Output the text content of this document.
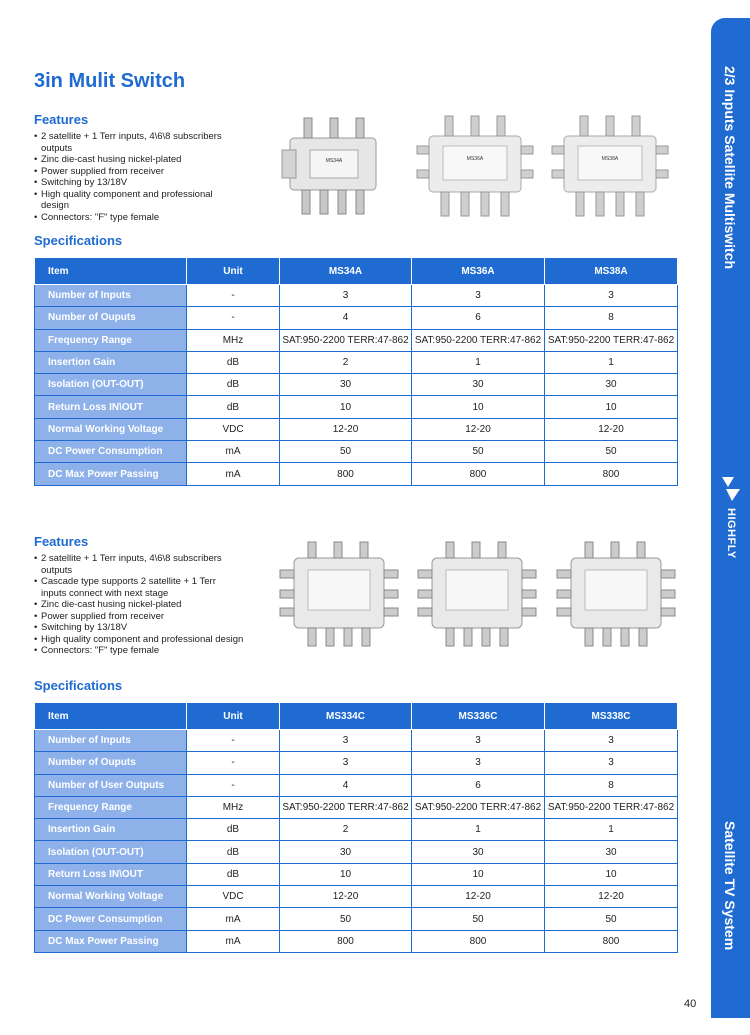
3in Mulit Switch
Features
• 2 satellite + 1 Terr inputs, 4\6\8 subscribers
outputs
• Zinc die-cast husing nickel-plated
• Power supplied from receiver
• Switching by 13/18V
• High quality component and professional
design
• Connectors: "F" type female
MS34A	MS36A	MS38A
Specifications
Item	Unit	MS34A	MS36A	MS38A
Number of Inputs	-	3	3	3
Number of Ouputs	-	4	6	8
Frequency Range	MHz	SAT:950-2200 TERR:47-862	SAT:950-2200 TERR:47-862	SAT:950-2200 TERR:47-862
Insertion Gain	dB	2	1	1
Isolation (OUT-OUT)	dB	30	30	30
Return Loss IN\OUT	dB	10	10	10
Normal Working Voltage	VDC	12-20	12-20	12-20
DC Power Consumption	mA	50	50	50
DC Max Power Passing	mA	800	800	800
Features
• 2 satellite + 1 Terr inputs, 4\6\8 subscribers
outputs
• Cascade type supports 2 satellite + 1 Terr
inputs connect with next stage
• Zinc die-cast husing nickel-plated
• Power supplied from receiver
• Switching by 13/18V
• High quality component and professional design
• Connectors: "F" type female
Specifications
Item	Unit	MS334C	MS336C	MS338C
Number of Inputs	-	3	3	3
Number of Ouputs	-	3	3	3
Number of User Outputs	-	4	6	8
Frequency Range	MHz	SAT:950-2200 TERR:47-862	SAT:950-2200 TERR:47-862	SAT:950-2200 TERR:47-862
Insertion Gain	dB	2	1	1
Isolation (OUT-OUT)	dB	30	30	30
Return Loss IN\OUT	dB	10	10	10
Normal Working Voltage	VDC	12-20	12-20	12-20
DC Power Consumption	mA	50	50	50
DC Max Power Passing	mA	800	800	800
2/3 Inputs Satellite Multiswitch
HIGHFLY
Satellite TV System
40
